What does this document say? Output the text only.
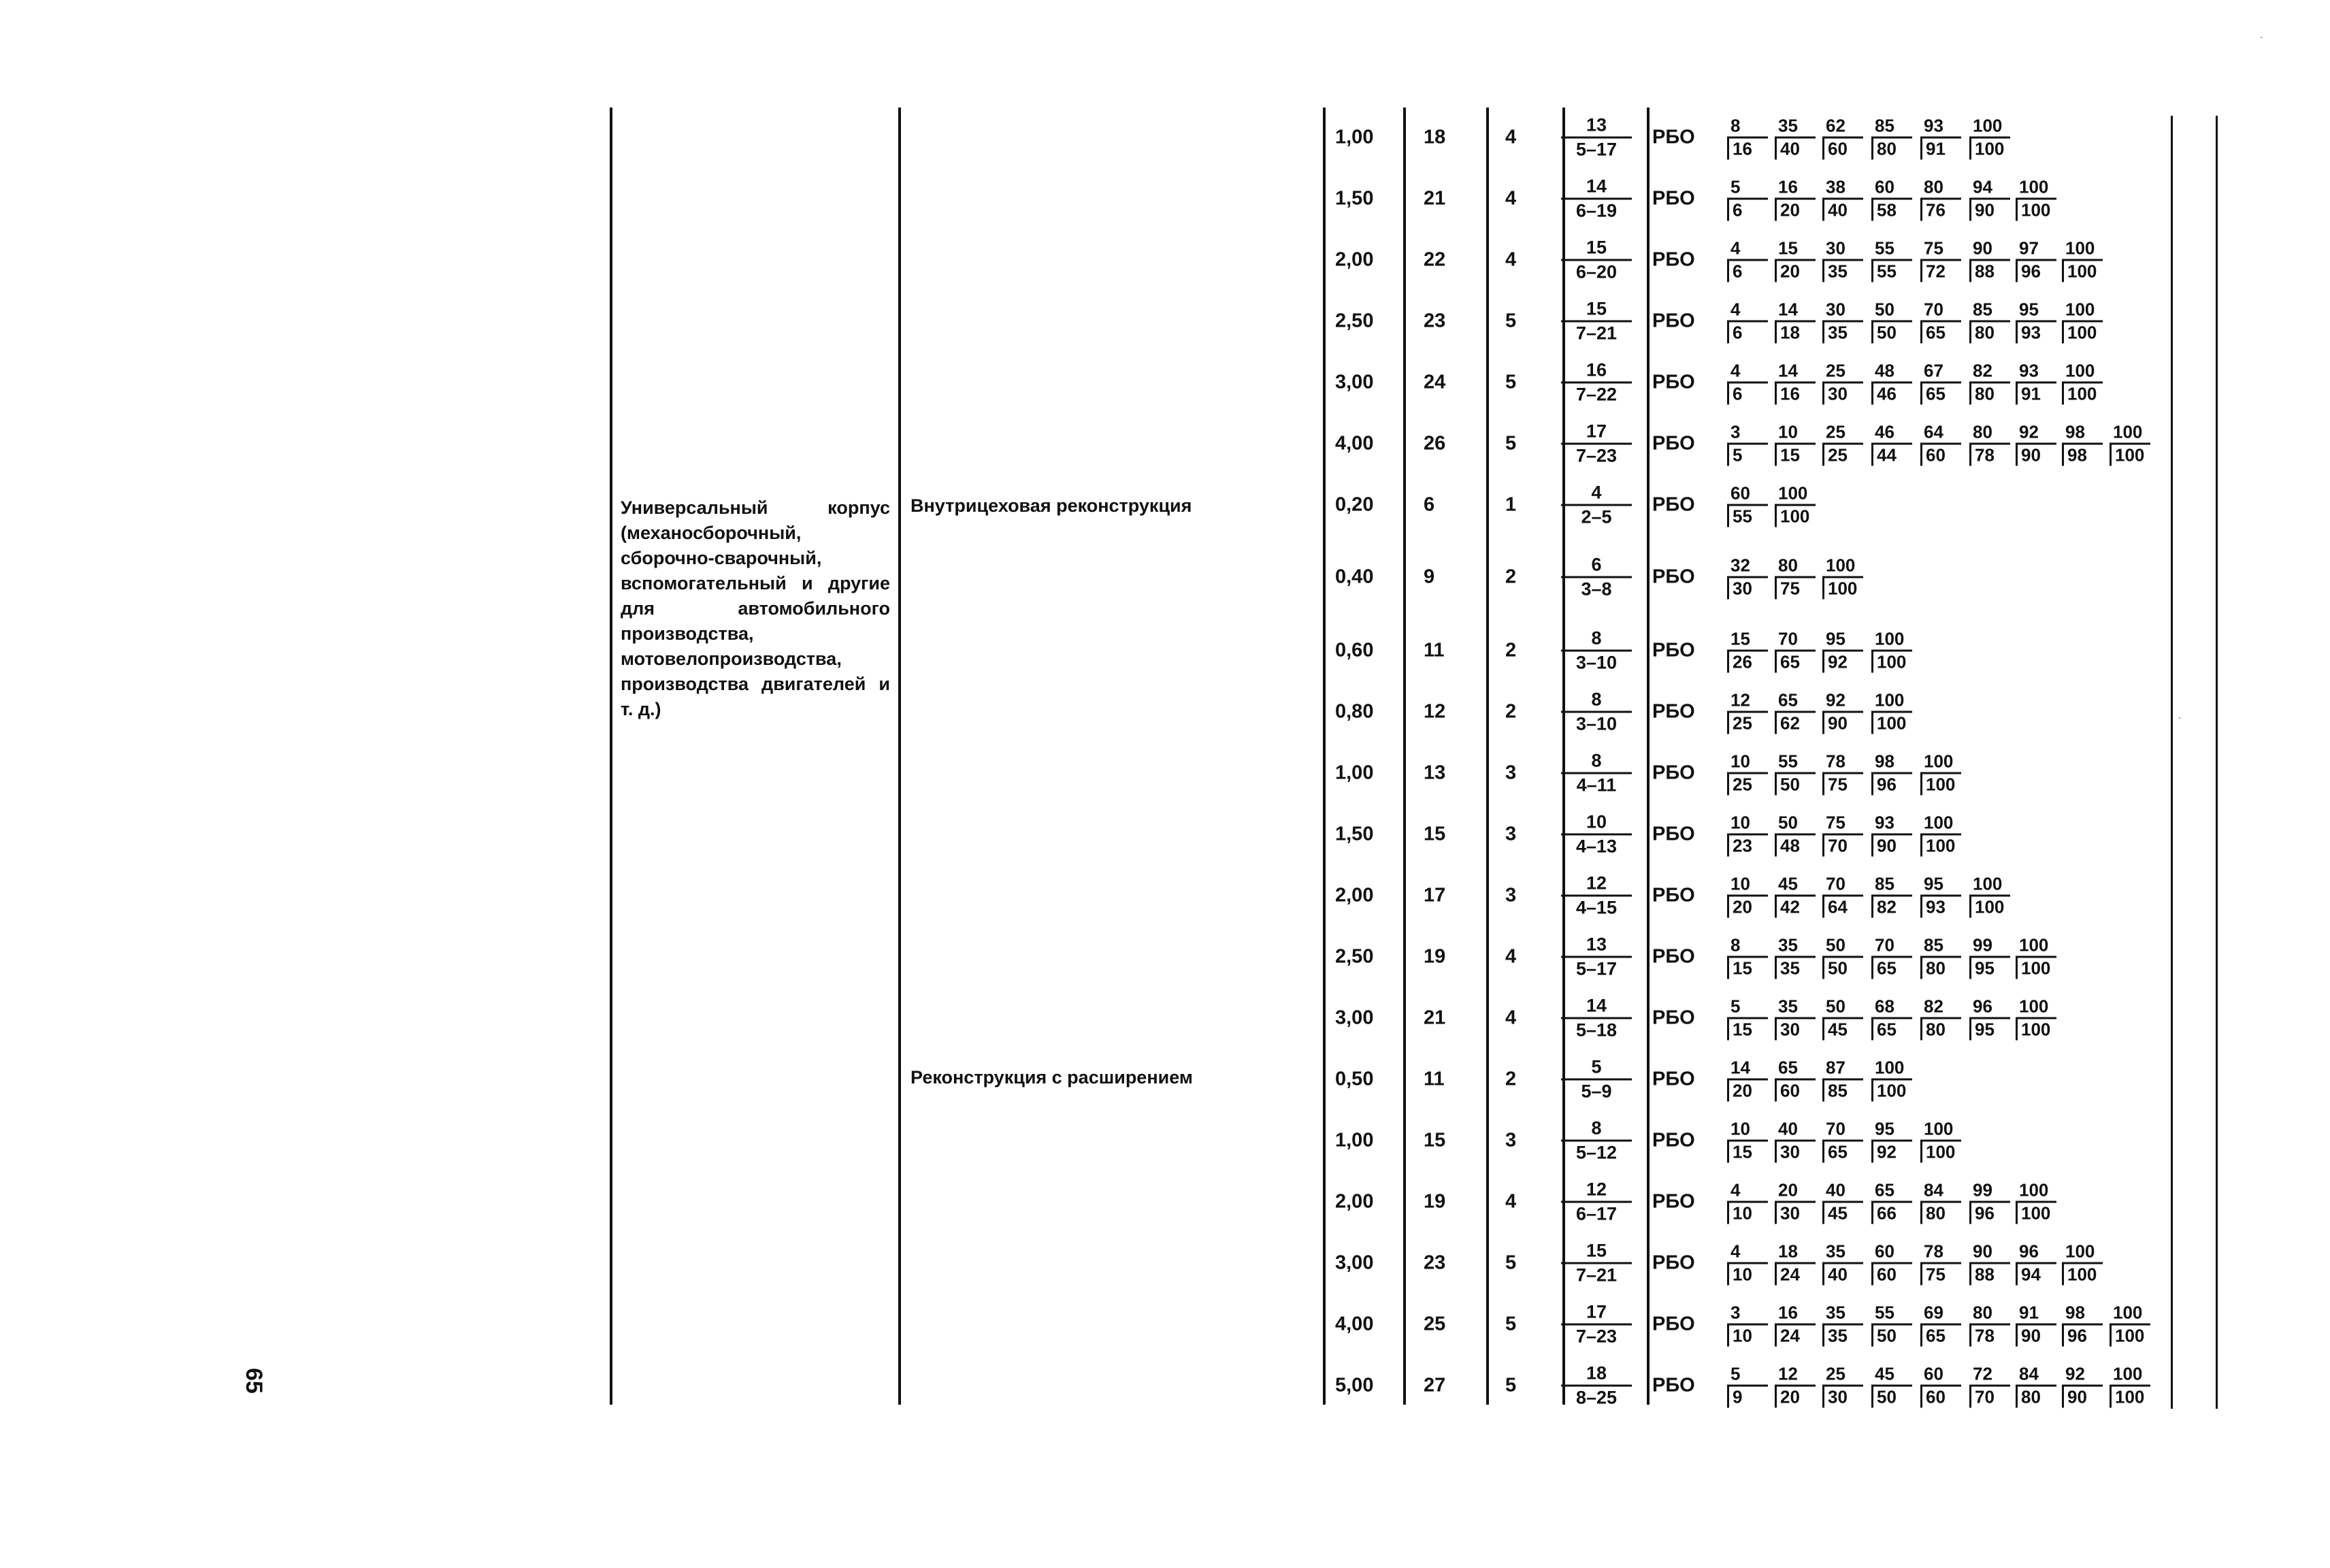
65
Универсальный корпус (механосборочный, сборочно-сварочный, вспомогательный и другие для автомобильного производства, мотовелопроизводства, производства двигателей и т. д.)
Внутрицеховая реконструкция
Реконструкция с расширением
1,00	18	$4 \frac{13}{5-17}$ РБО $\frac{8}{16} \frac{35}{40} \frac{62}{60} \frac{85}{80} \frac{93}{91} \frac{100}{100}$
1,50	21	$4 \frac{14}{6-19}$ РБО $\frac{5}{6} \frac{16}{20} \frac{38}{40} \frac{60}{58} \frac{80}{76} \frac{94}{90} \frac{100}{100}$
2,00	22	$4 \frac{15}{6-20}$ РБО $\frac{4}{6} \frac{15}{20} \frac{30}{35} \frac{55}{55} \frac{75}{72} \frac{90}{88} \frac{97}{96} \frac{100}{100}$
2,50	23	$5 \frac{15}{7-21}$ РБО $\frac{4}{6} \frac{14}{18} \frac{30}{35} \frac{50}{50} \frac{70}{65} \frac{85}{80} \frac{95}{93} \frac{100}{100}$
3,00	24	$5 \frac{16}{7-22}$ РБО $\frac{4}{6} \frac{14}{16} \frac{25}{30} \frac{48}{46} \frac{67}{65} \frac{82}{80} \frac{93}{91} \frac{100}{100}$
4,00	26	$5 \frac{17}{7-23}$ РБО $\frac{3}{5} \frac{10}{15} \frac{25}{25} \frac{46}{44} \frac{64}{60} \frac{80}{78} \frac{92}{90} \frac{98}{98} \frac{100}{100}$
0,20	6	$1 \frac{4}{2-5}$ РБО $\frac{60}{55} \frac{100}{100}$
0,40	9	$2 \frac{6}{3-8}$ РБО $\frac{32}{30} \frac{80}{75} \frac{100}{100}$
0,60	11	$2 \frac{8}{3-10}$ РБО $\frac{15}{26} \frac{70}{65} \frac{95}{92} \frac{100}{100}$
0,80	12	$2 \frac{8}{3-10}$ РБО $\frac{12}{25} \frac{65}{62} \frac{92}{90} \frac{100}{100}$
1,00	13	$3 \frac{8}{4-11}$ РБО $\frac{10}{25} \frac{55}{50} \frac{78}{75} \frac{98}{96} \frac{100}{100}$
1,50	15	$3 \frac{10}{4-13}$ РБО $\frac{10}{23} \frac{50}{48} \frac{75}{70} \frac{93}{90} \frac{100}{100}$
2,00	17	$3 \frac{12}{4-15}$ РБО $\frac{10}{20} \frac{45}{42} \frac{70}{64} \frac{85}{82} \frac{95}{93} \frac{100}{100}$
2,50	19	$4 \frac{13}{5-17}$ РБО $\frac{8}{15} \frac{35}{35} \frac{50}{50} \frac{70}{65} \frac{85}{80} \frac{99}{95} \frac{100}{100}$
3,00	21	$4 \frac{14}{5-18}$ РБО $\frac{5}{15} \frac{35}{30} \frac{50}{45} \frac{68}{65} \frac{82}{80} \frac{96}{95} \frac{100}{100}$
0,50	11	$2 \frac{5}{5-9}$ РБО $\frac{14}{20} \frac{65}{60} \frac{87}{85} \frac{100}{100}$
1,00	15	$3 \frac{8}{5-12}$ РБО $\frac{10}{15} \frac{40}{30} \frac{70}{65} \frac{95}{92} \frac{100}{100}$
2,00	19	$4 \frac{12}{6-17}$ РБО $\frac{4}{10} \frac{20}{30} \frac{40}{45} \frac{65}{66} \frac{84}{80} \frac{99}{96} \frac{100}{100}$
3,00	23	$5 \frac{15}{7-21}$ РБО $\frac{4}{10} \frac{18}{24} \frac{35}{40} \frac{60}{60} \frac{78}{75} \frac{90}{88} \frac{96}{94} \frac{100}{100}$
4,00	25	$5 \frac{17}{7-23}$ РБО $\frac{3}{10} \frac{16}{24} \frac{35}{35} \frac{55}{50} \frac{69}{65} \frac{80}{78} \frac{91}{90} \frac{98}{96} \frac{100}{100}$
5,00	27	$5 \frac{18}{8-25}$ РБО $\frac{5}{9} \frac{12}{20} \frac{25}{30} \frac{45}{50} \frac{60}{60} \frac{72}{70} \frac{84}{80} \frac{92}{90} \frac{100}{100}$
·
·
